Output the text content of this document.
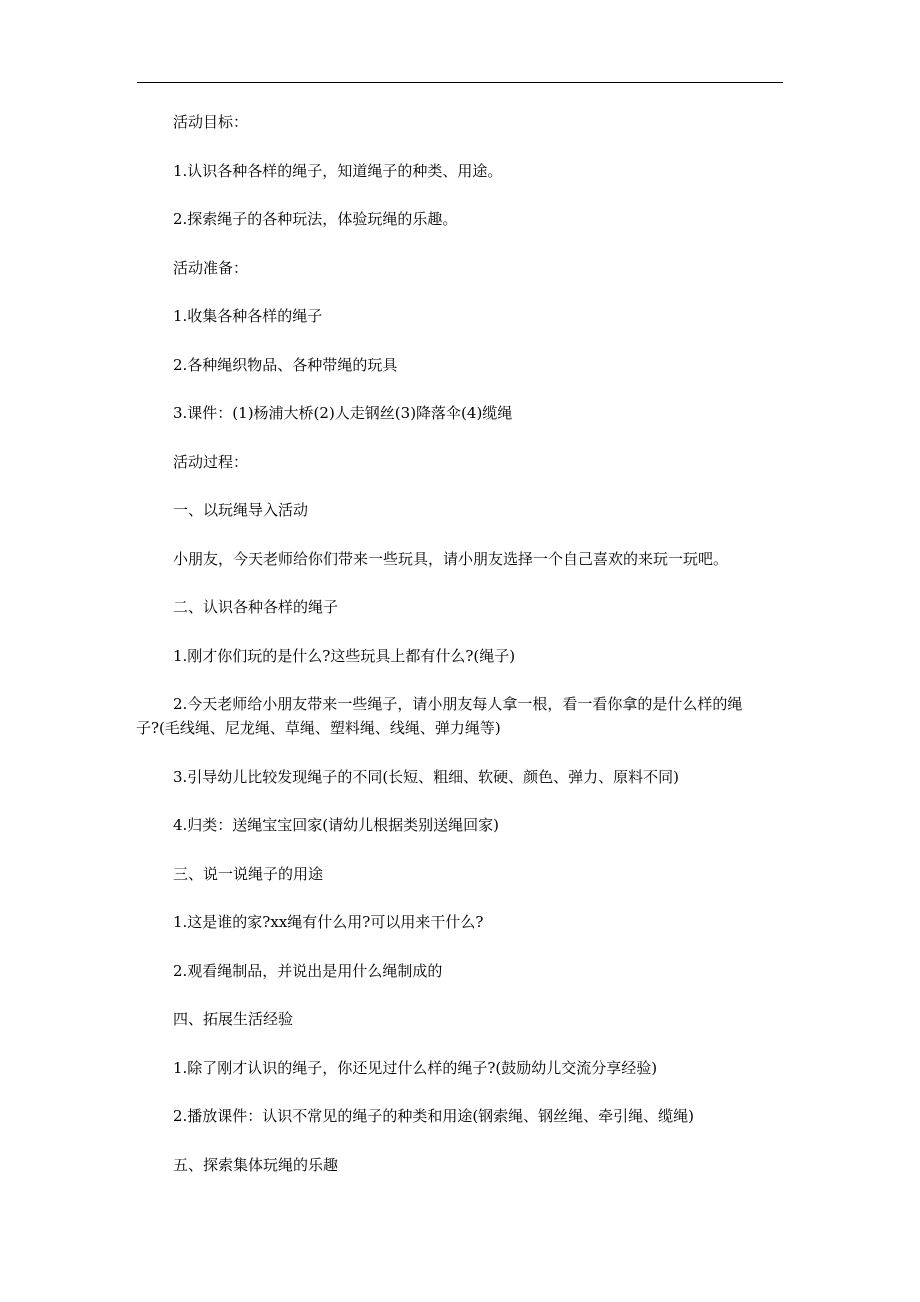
活动目标：

1.认识各种各样的绳子，知道绳子的种类、用途。

2.探索绳子的各种玩法，体验玩绳的乐趣。

活动准备：

1.收集各种各样的绳子

2.各种绳织物品、各种带绳的玩具

3.课件：(1)杨浦大桥(2)人走钢丝(3)降落伞(4)缆绳

活动过程：

一、以玩绳导入活动

小朋友，今天老师给你们带来一些玩具，请小朋友选择一个自己喜欢的来玩一玩吧。

二、认识各种各样的绳子

1.刚才你们玩的是什么?这些玩具上都有什么?(绳子)

2.今天老师给小朋友带来一些绳子，请小朋友每人拿一根，看一看你拿的是什么样的绳

子?(毛线绳、尼龙绳、草绳、塑料绳、线绳、弹力绳等)

3.引导幼儿比较发现绳子的不同(长短、粗细、软硬、颜色、弹力、原料不同)

4.归类：送绳宝宝回家(请幼儿根据类别送绳回家)

三、说一说绳子的用途

1.这是谁的家?xx绳有什么用?可以用来干什么?

2.观看绳制品，并说出是用什么绳制成的

四、拓展生活经验

1.除了刚才认识的绳子，你还见过什么样的绳子?(鼓励幼儿交流分享经验)

2.播放课件：认识不常见的绳子的种类和用途(钢索绳、钢丝绳、牵引绳、缆绳)

五、探索集体玩绳的乐趣
